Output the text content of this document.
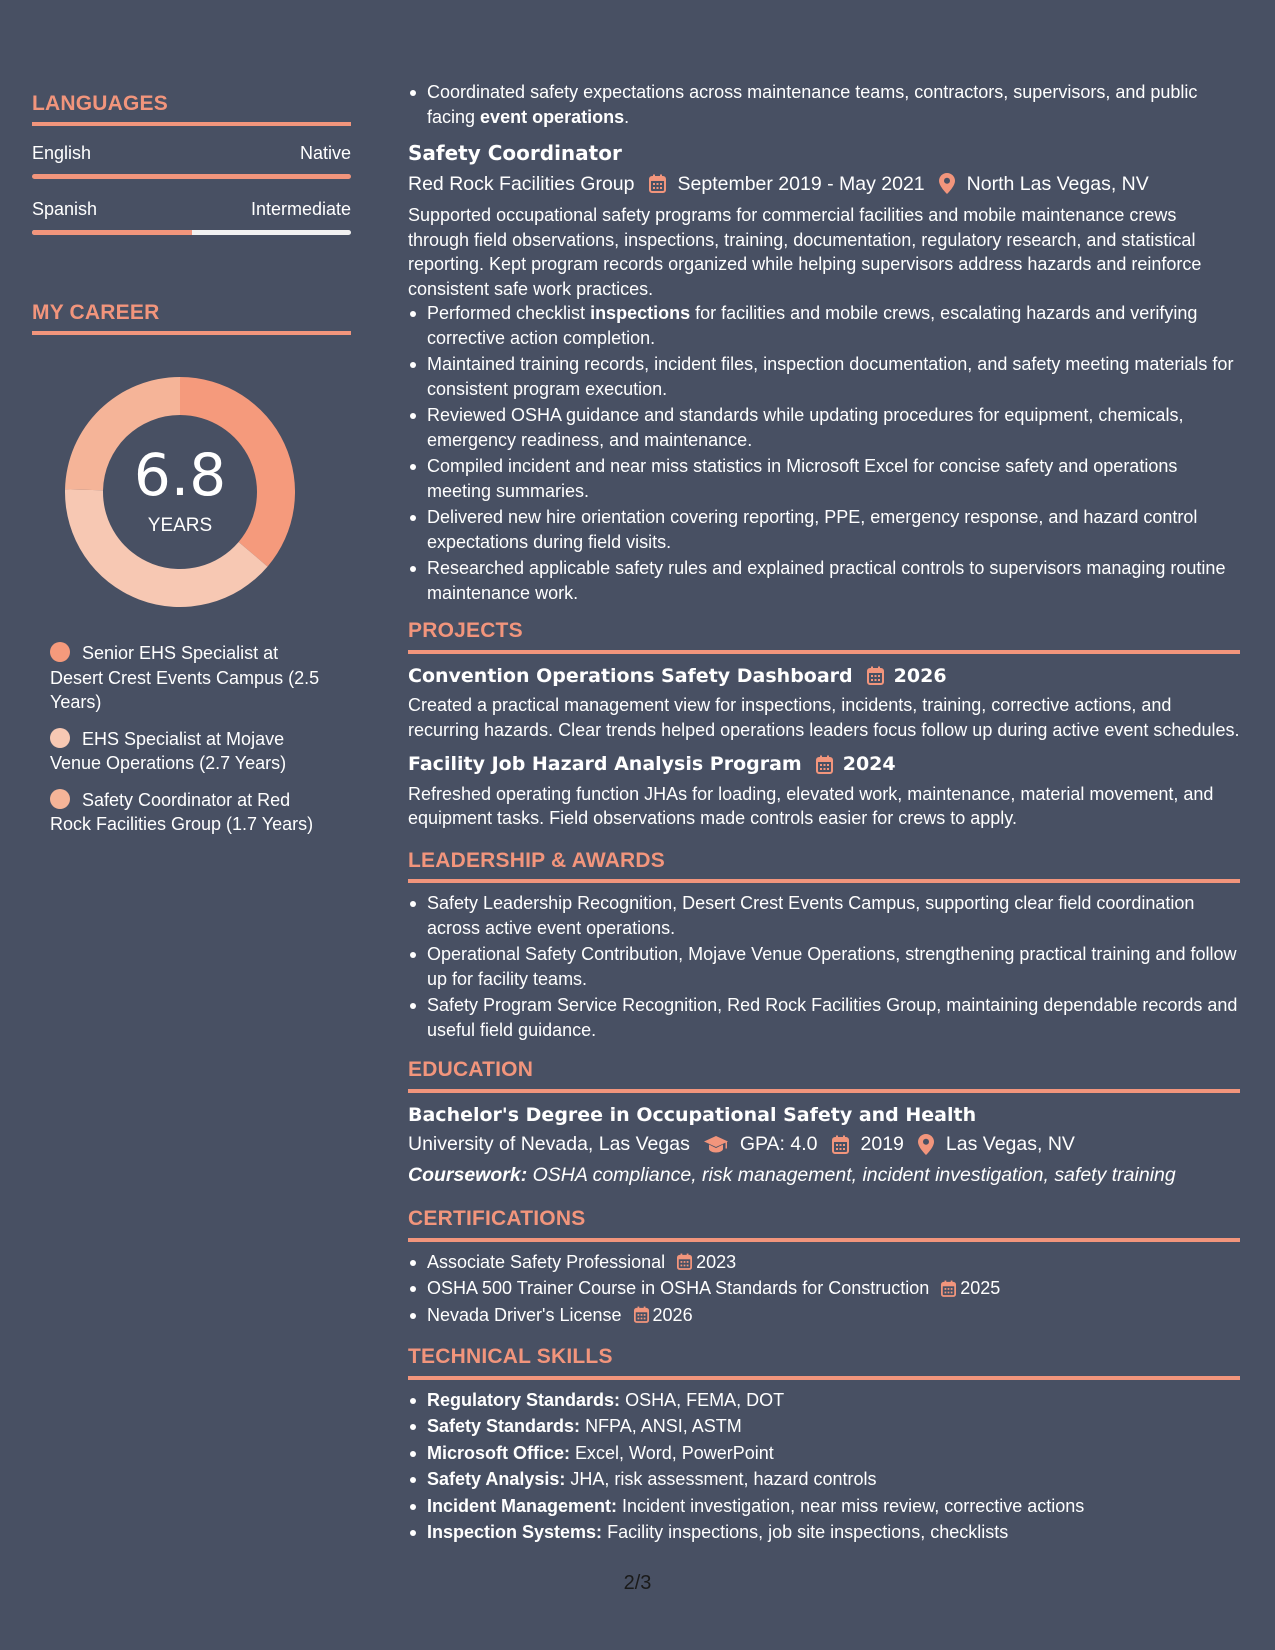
LANGUAGES
English	Native
Spanish	Intermediate
MY CAREER
6.8
YEARS
Senior EHS Specialist at Desert Crest Events Campus (2.5 Years)
EHS Specialist at Mojave Venue Operations (2.7 Years)
Safety Coordinator at Red Rock Facilities Group (1.7 Years)
Coordinated safety expectations across maintenance teams, contractors, supervisors, and public facing event operations.
Safety Coordinator
Red Rock Facilities Group September 2019 - May 2021 North Las Vegas, NV
Supported occupational safety programs for commercial facilities and mobile maintenance crews through field observations, inspections, training, documentation, regulatory research, and statistical reporting. Kept program records organized while helping supervisors address hazards and reinforce consistent safe work practices.
Performed checklist inspections for facilities and mobile crews, escalating hazards and verifying corrective action completion.
Maintained training records, incident files, inspection documentation, and safety meeting materials for consistent program execution.
Reviewed OSHA guidance and standards while updating procedures for equipment, chemicals, emergency readiness, and maintenance.
Compiled incident and near miss statistics in Microsoft Excel for concise safety and operations meeting summaries.
Delivered new hire orientation covering reporting, PPE, emergency response, and hazard control expectations during field visits.
Researched applicable safety rules and explained practical controls to supervisors managing routine maintenance work.
PROJECTS
Convention Operations Safety Dashboard 2026
Created a practical management view for inspections, incidents, training, corrective actions, and recurring hazards. Clear trends helped operations leaders focus follow up during active event schedules.
Facility Job Hazard Analysis Program 2024
Refreshed operating function JHAs for loading, elevated work, maintenance, material movement, and equipment tasks. Field observations made controls easier for crews to apply.
LEADERSHIP & AWARDS
Safety Leadership Recognition, Desert Crest Events Campus, supporting clear field coordination across active event operations.
Operational Safety Contribution, Mojave Venue Operations, strengthening practical training and follow up for facility teams.
Safety Program Service Recognition, Red Rock Facilities Group, maintaining dependable records and useful field guidance.
EDUCATION
Bachelor's Degree in Occupational Safety and Health
University of Nevada, Las Vegas	GPA: 4.0 2019 Las Vegas, NV
Coursework: OSHA compliance, risk management, incident investigation, safety training
CERTIFICATIONS
Associate Safety Professional 2023
OSHA 500 Trainer Course in OSHA Standards for Construction 2025
Nevada Driver's License 2026
TECHNICAL SKILLS
Regulatory Standards: OSHA, FEMA, DOT
Safety Standards: NFPA, ANSI, ASTM
Microsoft Office: Excel, Word, PowerPoint
Safety Analysis: JHA, risk assessment, hazard controls
Incident Management: Incident investigation, near miss review, corrective actions
Inspection Systems: Facility inspections, job site inspections, checklists
2/3
